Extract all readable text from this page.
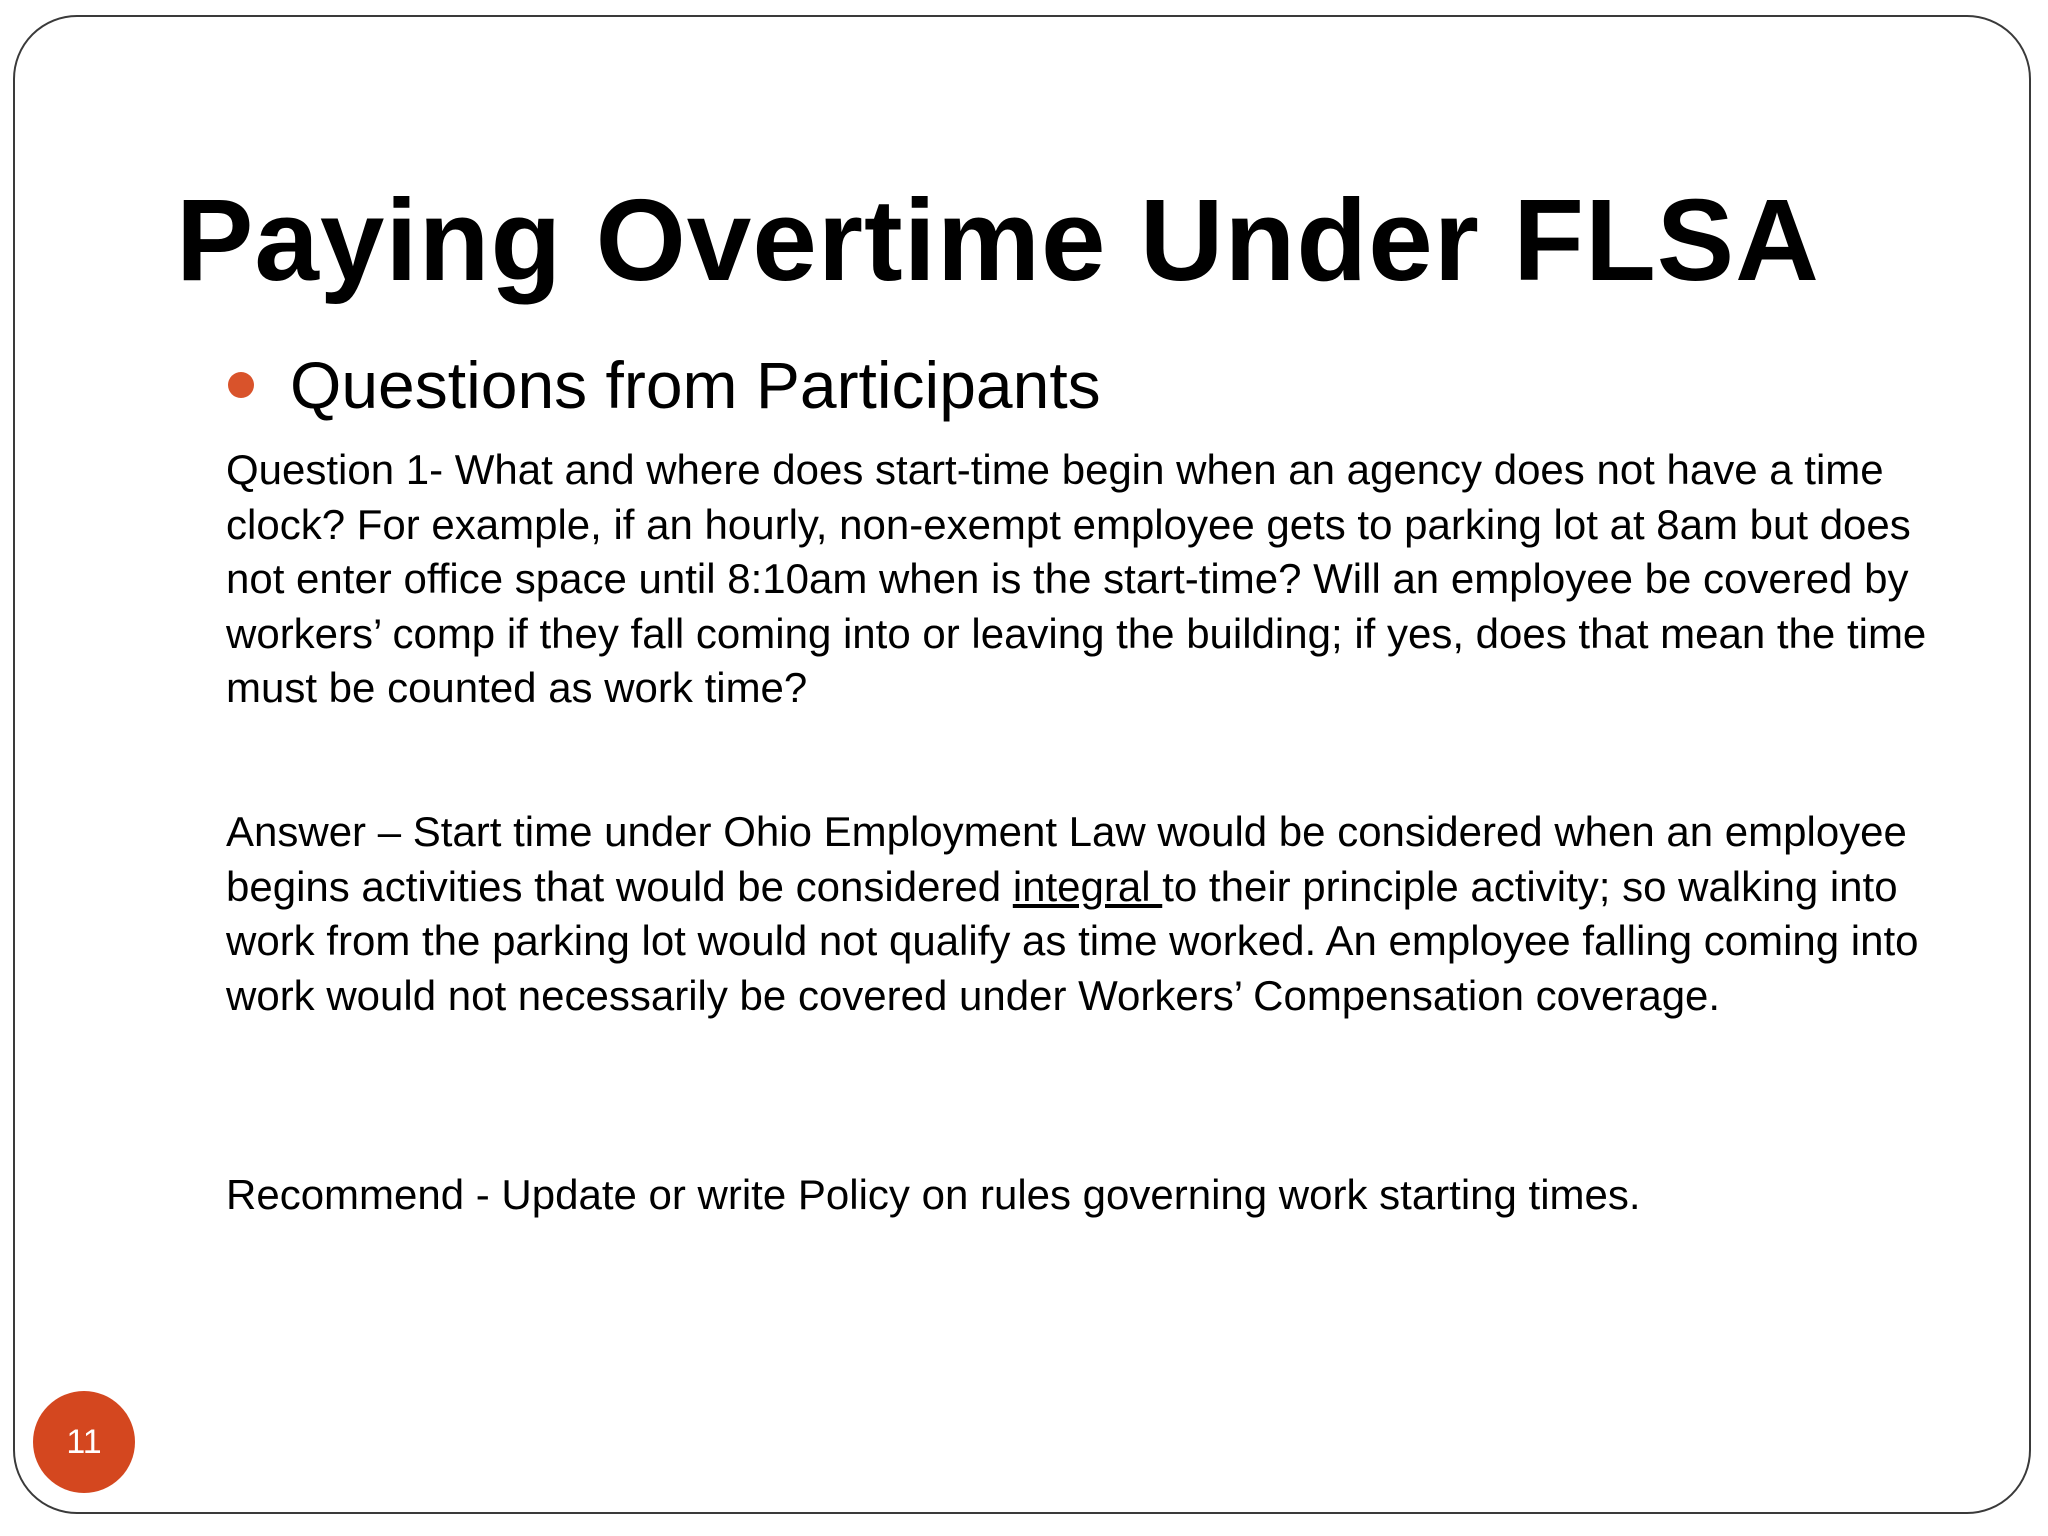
Paying Overtime Under FLSA
Questions from Participants

Question 1- What and where does start-time begin when an agency does not have a time clock? For example, if an hourly, non-exempt employee gets to parking lot at 8am but does not enter office space until 8:10am when is the start-time? Will an employee be covered by workers’ comp if they fall coming into or leaving the building; if yes, does that mean the time must be counted as work time?

Answer – Start time under Ohio Employment Law would be considered when an employee begins activities that would be considered integral to their principle activity; so walking into work from the parking lot would not qualify as time worked. An employee falling coming into work would not necessarily be covered under Workers’ Compensation coverage.

Recommend - Update or write Policy on rules governing work starting times.

11
